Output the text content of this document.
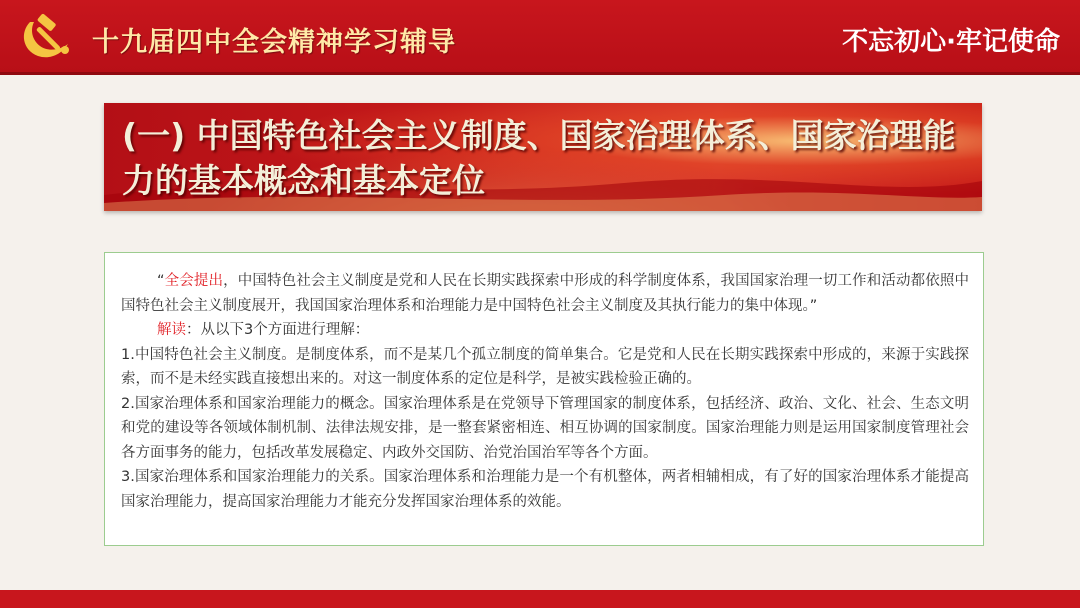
十九届四中全会精神学习辅导	不忘初心·牢记使命
(一) 中国特色社会主义制度、国家治理体系、国家治理能力的基本概念和基本定位

“全会提出，中国特色社会主义制度是党和人民在长期实践探索中形成的科学制度体系，我国国家治理一切工作和活动都依照中国特色社会主义制度展开，我国国家治理体系和治理能力是中国特色社会主义制度及其执行能力的集中体现。”

解读：从以下3个方面进行理解：

1.中国特色社会主义制度。是制度体系，而不是某几个孤立制度的简单集合。它是党和人民在长期实践探索中形成的，来源于实践探索，而不是未经实践直接想出来的。对这一制度体系的定位是科学，是被实践检验正确的。

2.国家治理体系和国家治理能力的概念。国家治理体系是在党领导下管理国家的制度体系，包括经济、政治、文化、社会、生态文明和党的建设等各领域体制机制、法律法规安排，是一整套紧密相连、相互协调的国家制度。国家治理能力则是运用国家制度管理社会各方面事务的能力，包括改革发展稳定、内政外交国防、治党治国治军等各个方面。

3.国家治理体系和国家治理能力的关系。国家治理体系和治理能力是一个有机整体，两者相辅相成，有了好的国家治理体系才能提高国家治理能力，提高国家治理能力才能充分发挥国家治理体系的效能。
